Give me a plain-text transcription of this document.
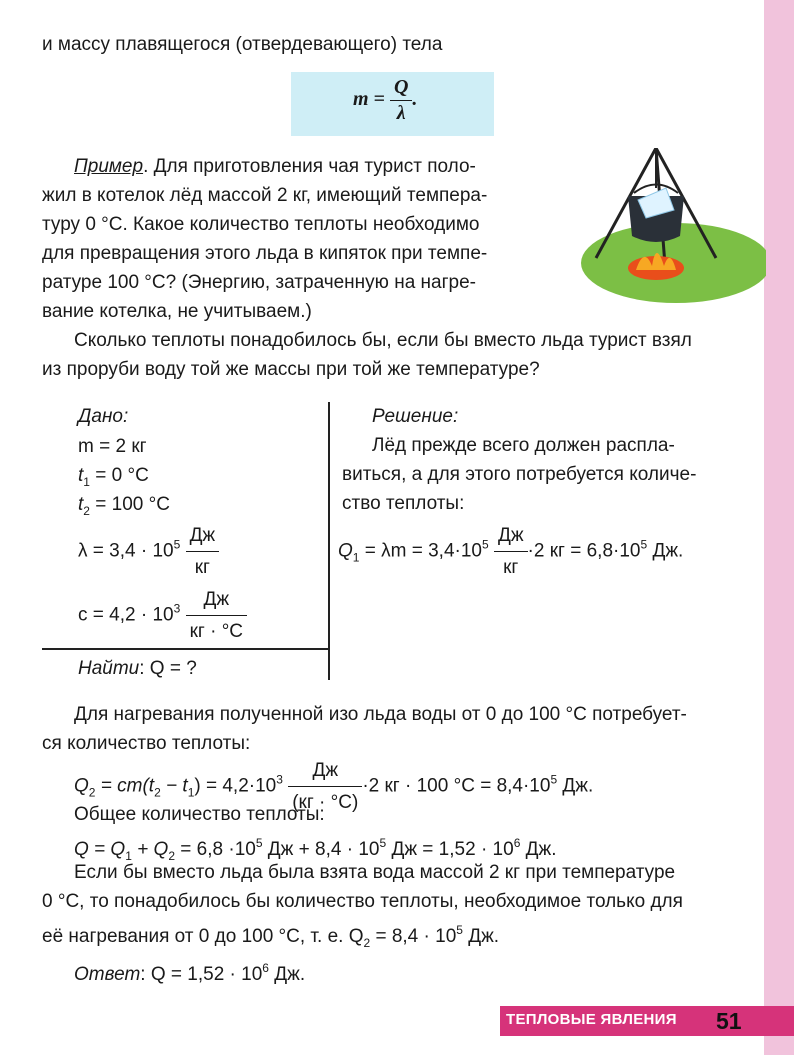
и массу плавящегося (отвердевающего) тела
$m = \frac{Q}{\lambda}$ .
Пример. Для приготовления чая турист поло-
жил в котелок лёд массой 2 кг, имеющий темпера-
туру 0 °С. Какое количество теплоты необходимо
для превращения этого льда в кипяток при темпе-
ратуре 100 °С? (Энергию, затраченную на нагре-
вание котелка, не учитываем.)
Сколько теплоты понадобилось бы, если бы вместо льда турист взял
из проруби воду той же массы при той же температуре?
Дано:
m = 2 кг
$t_1 = 0$ °С
$t_2 = 100$ °С
$\lambda = 3,4 \cdot 10^5 \frac{Дж}{кг}$
$c = 4,2 \cdot 10^3 \frac{Дж}{кг \cdot ^\circ С}$
Найти: Q = ?
Решение:
Лёд прежде всего должен распла-
виться, а для этого потребуется количе-
ство теплоты:
$Q_1 = \lambda m = 3,4\cdot 10^5 \frac{Дж}{кг} \cdot 2$ кг = $6,8\cdot 10^5$ Дж.
Для нагревания полученной изо льда воды от 0 до 100 °С потребует-
ся количество теплоты:
$Q_2 = cm(t_2 - t_1) = 4,2\cdot 10^3 \frac{Дж}{(кг \cdot ^\circ С)} \cdot 2$ кг · 100 $^\circ С = 8,4\cdot 10^5$ Дж.
Общее количество теплоты:
$Q = Q_1 + Q_2 = 6,8 \cdot 10^5$ Дж + $8,4 \cdot 10^5$ Дж = $1,52 \cdot 10^6$ Дж.
Если бы вместо льда была взята вода массой 2 кг при температуре
0 °С, то понадобилось бы количество теплоты, необходимое только для
её нагревания от 0 до 100 °С, т. е. $Q_2 = 8,4 \cdot 10^5$ Дж.
Ответ: $Q = 1,52 \cdot 10^6$ Дж.
ТЕПЛОВЫЕ ЯВЛЕНИЯ 51
